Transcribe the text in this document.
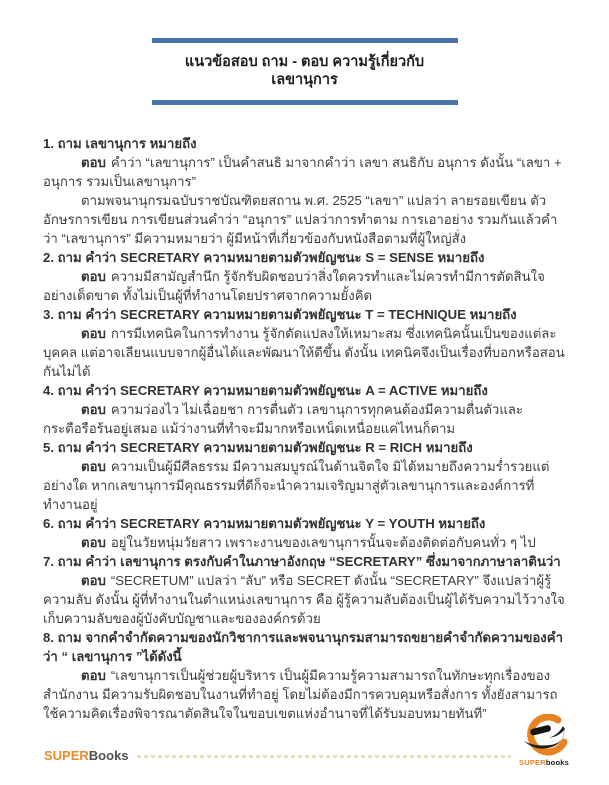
แนวข้อสอบ ถาม - ตอบ ความรู้เกี่ยวกับเลขานุการ

1. ถาม เลขานุการ หมายถึง

ตอบ คำว่า “เลขานุการ” เป็นคำสนธิ มาจากคำว่า เลขา สนธิกับ อนุการ ดังนั้น “เลขา + อนุการ รวมเป็นเลขานุการ”

ตามพจนานุกรมฉบับราชบัณฑิตยสถาน พ.ศ. 2525 “เลขา” แปลว่า ลายรอยเขียน ตัวอักษรการเขียน การเขียนส่วนคำว่า “อนุการ” แปลว่าการทำตาม การเอาอย่าง รวมกันแล้วคำว่า “เลขานุการ” มีความหมายว่า ผู้มีหน้าที่เกี่ยวข้องกับหนังสือตามที่ผู้ใหญ่สั่ง

2. ถาม คำว่า SECRETARY ความหมายตามตัวพยัญชนะ S = SENSE หมายถึง

ตอบ ความมีสามัญสำนึก รู้จักรับผิดชอบว่าสิ่งใดควรทำและไม่ควรทำมีการตัดสินใจอย่างเด็ดขาด ทั้งไม่เป็นผู้ที่ทำงานโดยปราศจากความยั้งคิด

3. ถาม คำว่า SECRETARY ความหมายตามตัวพยัญชนะ T = TECHNIQUE หมายถึง

ตอบ การมีเทคนิคในการทำงาน รู้จักดัดแปลงให้เหมาะสม ซึ่งเทคนิคนั้นเป็นของแต่ละบุคคล แต่อาจเลียนแบบจากผู้อื่นได้และพัฒนาให้ดีขึ้น ดังนั้น เทคนิคจึงเป็นเรื่องที่บอกหรือสอนกันไม่ได้

4. ถาม คำว่า SECRETARY ความหมายตามตัวพยัญชนะ A = ACTIVE หมายถึง

ตอบ ความว่องไว ไม่เฉื่อยชา การตื่นตัว เลขานุการทุกคนต้องมีความตื่นตัวและกระตือรือร้นอยู่เสมอ แม้ว่างานที่ทำจะมีมากหรือเหน็ดเหนื่อยแค่ไหนก็ตาม

5. ถาม คำว่า SECRETARY ความหมายตามตัวพยัญชนะ R = RICH หมายถึง

ตอบ ความเป็นผู้มีศีลธรรม มีความสมบูรณ์ในด้านจิตใจ มิได้หมายถึงความร่ำรวยแต่อย่างใด หากเลขานุการมีคุณธรรมที่ดีก็จะนำความเจริญมาสู่ตัวเลขานุการและองค์การที่ทำงานอยู่

6. ถาม คำว่า SECRETARY ความหมายตามตัวพยัญชนะ Y = YOUTH หมายถึง

ตอบ อยู่ในวัยหนุ่มวัยสาว เพราะงานของเลขานุการนั้นจะต้องติดต่อกับคนทั่ว ๆ ไป

7. ถาม คำว่า เลขานุการ ตรงกับคำในภาษาอังกฤษ “SECRETARY” ซึ่งมาจากภาษาลาตินว่า

ตอบ “SECRETUM” แปลว่า “ลับ” หรือ SECRET ดังนั้น “SECRETARY” จึงแปลว่าผู้รู้ความลับ ดังนั้น ผู้ที่ทำงานในตำแหน่งเลขานุการ คือ ผู้รู้ความลับต้องเป็นผู้ได้รับความไว้วางใจเก็บความลับของผู้บังคับบัญชาและขององค์กรด้วย

8. ถาม จากคำจำกัดความของนักวิชาการและพจนานุกรมสามารถขยายคำจำกัดความของคำว่า “ เลขานุการ ”ได้ดังนี้

ตอบ “เลขานุการเป็นผู้ช่วยผู้บริหาร เป็นผู้มีความรู้ความสามารถในทักษะทุกเรื่องของสำนักงาน มีความรับผิดชอบในงานที่ทำอยู่ โดยไม่ต้องมีการควบคุมหรือสั่งการ ทั้งยังสามารถใช้ความคิดเรื่องพิจารณาตัดสินใจในขอบเขตแห่งอำนาจที่ได้รับมอบหมายทันที”

SUPERBooks	SUPERbooks
